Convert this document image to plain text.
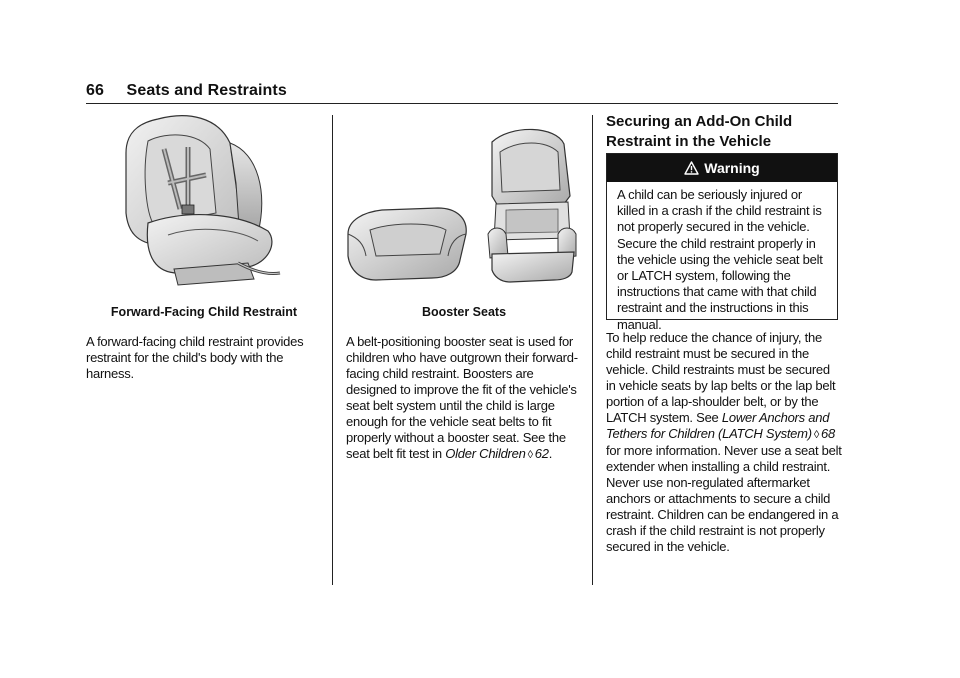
66 Seats and Restraints
Forward-Facing Child Restraint
A forward-facing child restraint provides restraint for the child's body with the harness.
Booster Seats
A belt-positioning booster seat is used for children who have outgrown their forward-facing child restraint. Boosters are designed to improve the fit of the vehicle's seat belt system until the child is large enough for the vehicle seat belts to fit properly without a booster seat. See the seat belt fit test in Older Children ◊ 62.
Securing an Add-On Child Restraint in the Vehicle
Warning
A child can be seriously injured or killed in a crash if the child restraint is not properly secured in the vehicle. Secure the child restraint properly in the vehicle using the vehicle seat belt or LATCH system, following the instructions that came with that child restraint and the instructions in this manual.
To help reduce the chance of injury, the child restraint must be secured in the vehicle. Child restraints must be secured in vehicle seats by lap belts or the lap belt portion of a lap-shoulder belt, or by the LATCH system. See Lower Anchors and Tethers for Children (LATCH System) ◊ 68 for more information. Never use a seat belt extender when installing a child restraint. Never use non-regulated aftermarket anchors or attachments to secure a child restraint. Children can be endangered in a crash if the child restraint is not properly secured in the vehicle.
